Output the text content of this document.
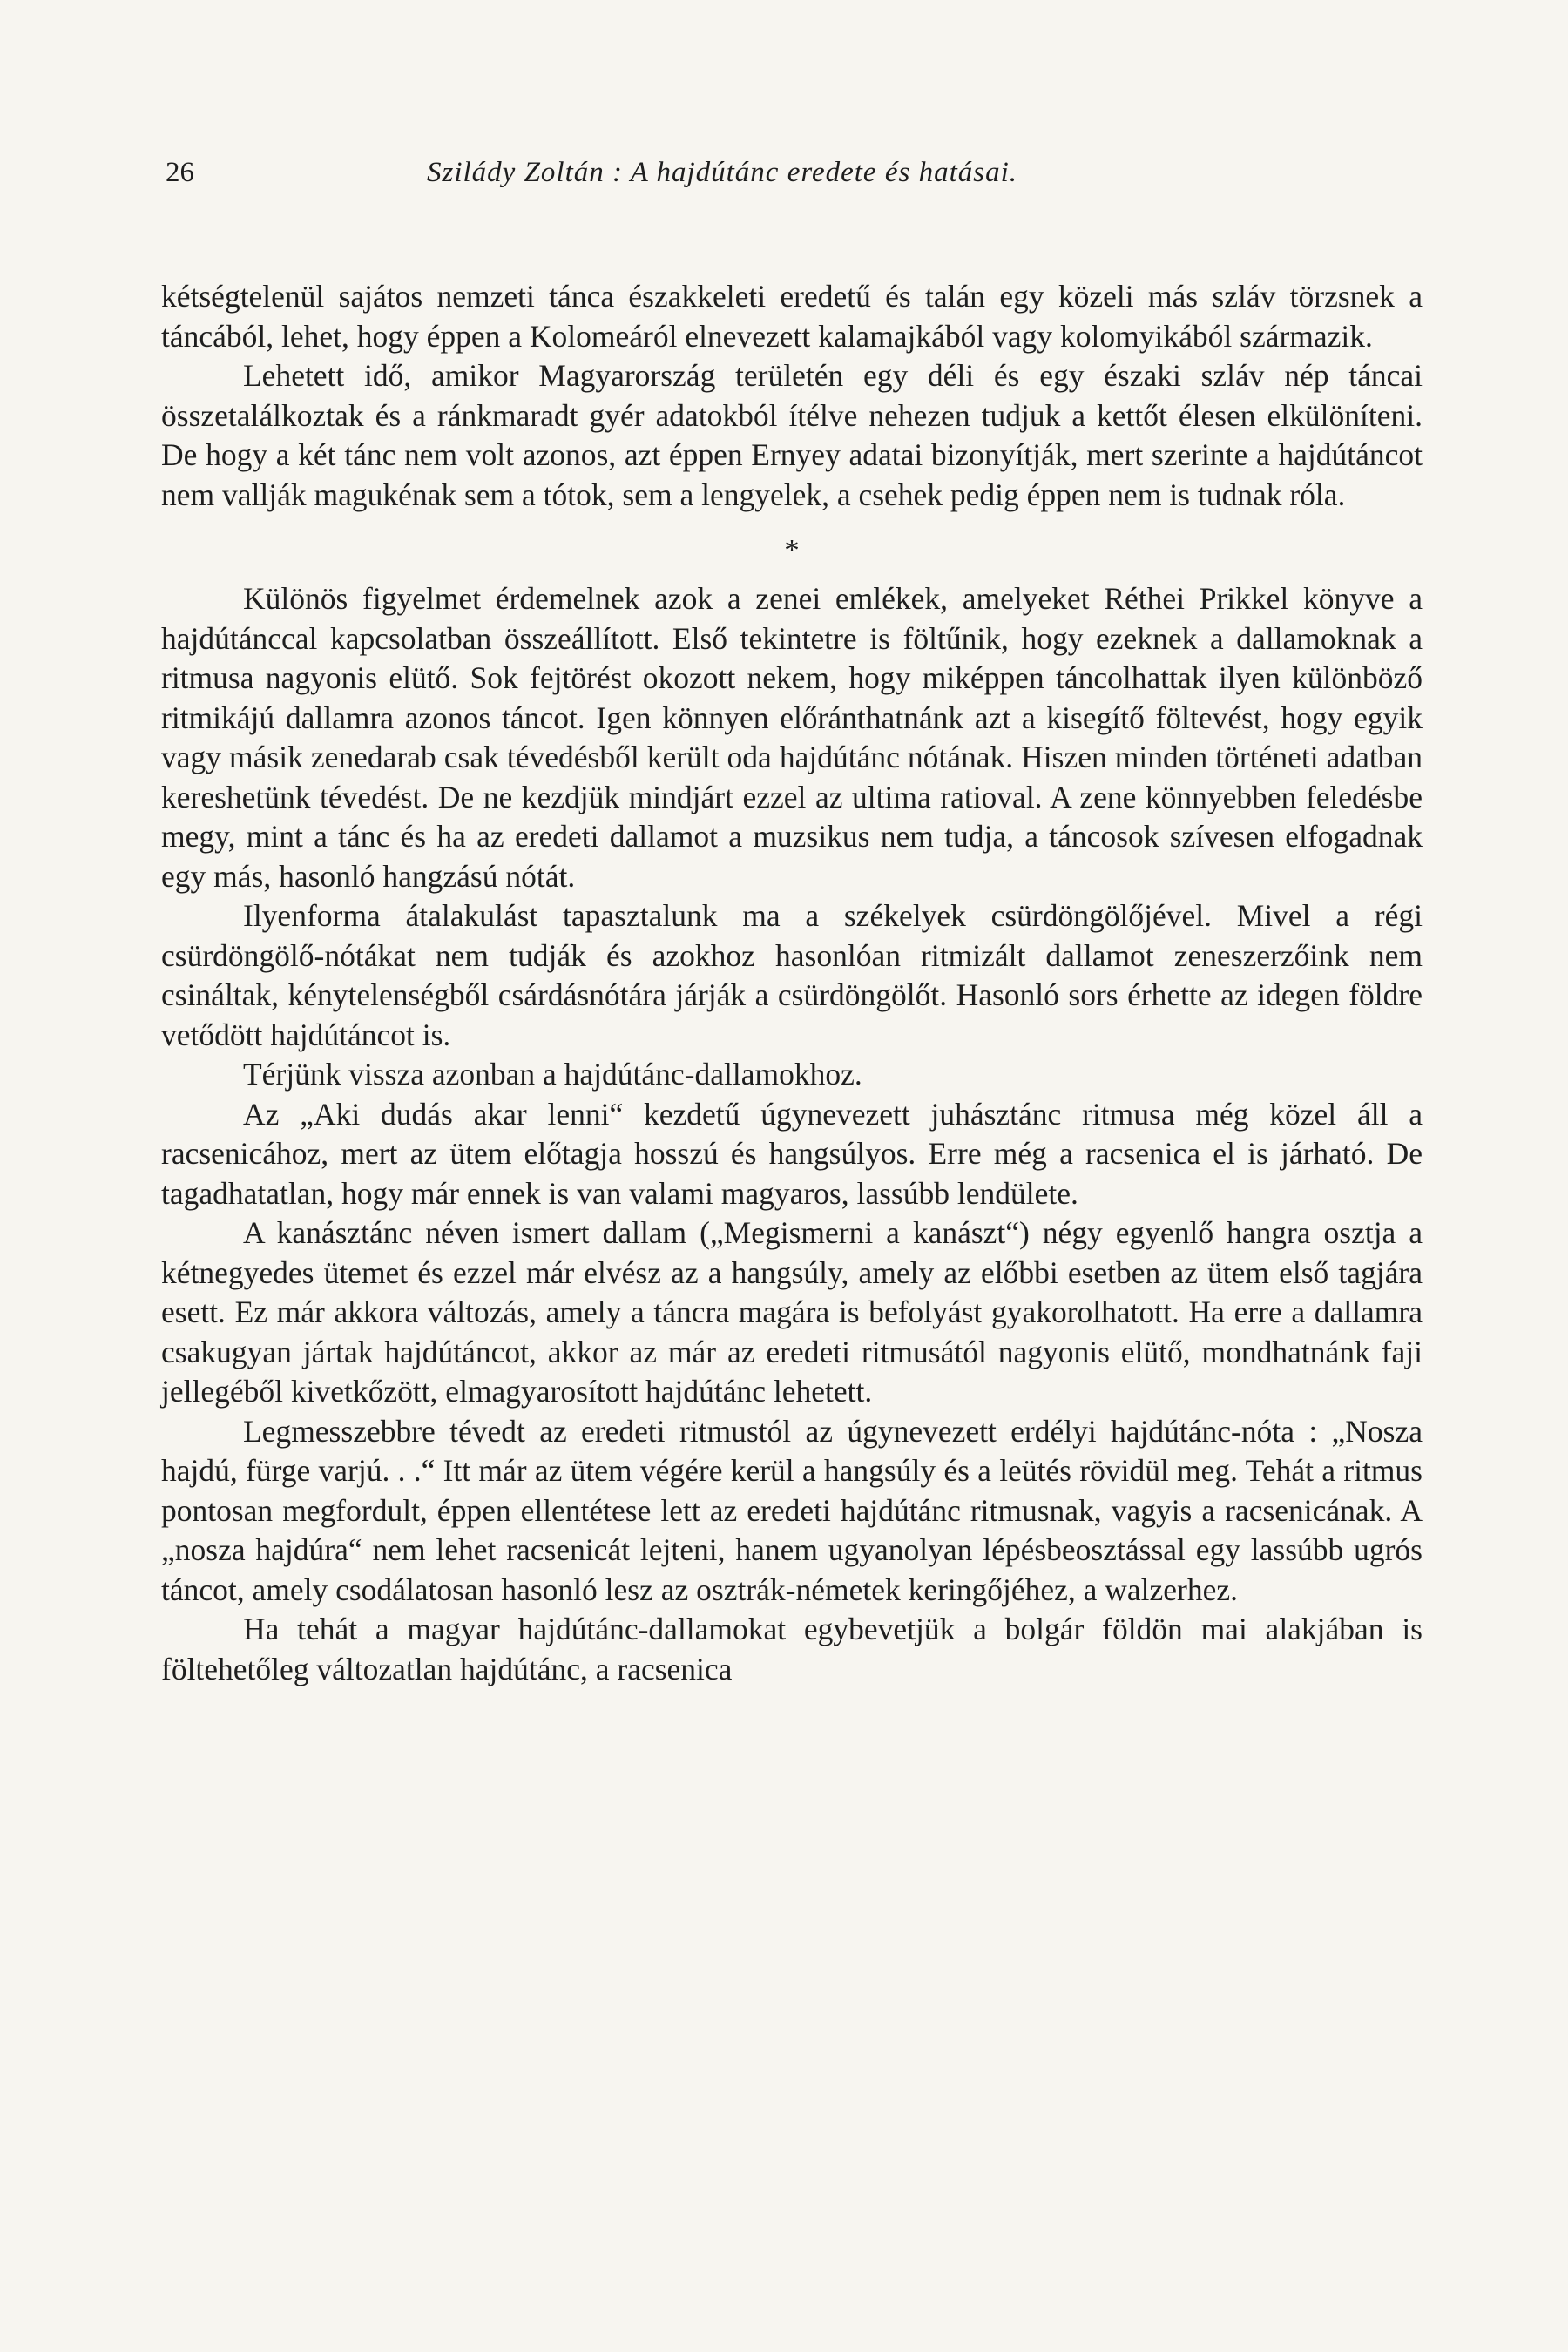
26	Szilády Zoltán : A hajdútánc eredete és hatásai.

kétségtelenül sajátos nemzeti tánca északkeleti eredetű és talán egy közeli más szláv törzsnek a táncából, lehet, hogy éppen a Kolomeáról elnevezett kalamajkából vagy kolomyikából származik.

Lehetett idő, amikor Magyarország területén egy déli és egy északi szláv nép táncai összetalálkoztak és a ránkmaradt gyér adatokból ítélve nehezen tudjuk a kettőt élesen elkülöníteni. De hogy a két tánc nem volt azonos, azt éppen Ernyey adatai bizonyítják, mert szerinte a hajdútáncot nem vallják magukénak sem a tótok, sem a lengyelek, a csehek pedig éppen nem is tudnak róla.

*

Különös figyelmet érdemelnek azok a zenei emlékek, amelyeket Réthei Prikkel könyve a hajdútánccal kapcsolatban összeállított. Első tekintetre is föltűnik, hogy ezeknek a dallamoknak a ritmusa nagyonis elütő. Sok fejtörést okozott nekem, hogy miképpen táncolhattak ilyen különböző ritmikájú dallamra azonos táncot. Igen könnyen előránthatnánk azt a kisegítő föltevést, hogy egyik vagy másik zenedarab csak tévedésből került oda hajdútánc nótának. Hiszen minden történeti adatban kereshetünk tévedést. De ne kezdjük mindjárt ezzel az ultima ratioval. A zene könnyebben feledésbe megy, mint a tánc és ha az eredeti dallamot a muzsikus nem tudja, a táncosok szívesen elfogadnak egy más, hasonló hangzású nótát.

Ilyenforma átalakulást tapasztalunk ma a székelyek csürdöngölőjével. Mivel a régi csürdöngölő-nótákat nem tudják és azokhoz hasonlóan ritmizált dallamot zeneszerzőink nem csináltak, kénytelenségből csárdásnótára járják a csürdöngölőt. Hasonló sors érhette az idegen földre vetődött hajdútáncot is.

Térjünk vissza azonban a hajdútánc-dallamokhoz.

Az „Aki dudás akar lenni“ kezdetű úgynevezett juhásztánc ritmusa még közel áll a racsenicához, mert az ütem előtagja hosszú és hangsúlyos. Erre még a racsenica el is járható. De tagadhatatlan, hogy már ennek is van valami magyaros, lassúbb lendülete.

A kanásztánc néven ismert dallam („Megismerni a kanászt“) négy egyenlő hangra osztja a kétnegyedes ütemet és ezzel már elvész az a hangsúly, amely az előbbi esetben az ütem első tagjára esett. Ez már akkora változás, amely a táncra magára is befolyást gyakorolhatott. Ha erre a dallamra csakugyan jártak hajdútáncot, akkor az már az eredeti ritmusától nagyonis elütő, mondhatnánk faji jellegéből kivetkőzött, elmagyarosított hajdútánc lehetett.

Legmesszebbre tévedt az eredeti ritmustól az úgynevezett erdélyi hajdútánc-nóta : „Nosza hajdú, fürge varjú. . .“ Itt már az ütem végére kerül a hangsúly és a leütés rövidül meg. Tehát a ritmus pontosan megfordult, éppen ellentétese lett az eredeti hajdútánc ritmusnak, vagyis a racsenicának. A „nosza hajdúra“ nem lehet racsenicát lejteni, hanem ugyanolyan lépésbeosztással egy lassúbb ugrós táncot, amely csodálatosan hasonló lesz az osztrák-németek keringőjéhez, a walzerhez.

Ha tehát a magyar hajdútánc-dallamokat egybevetjük a bolgár földön mai alakjában is föltehetőleg változatlan hajdútánc, a racsenica
